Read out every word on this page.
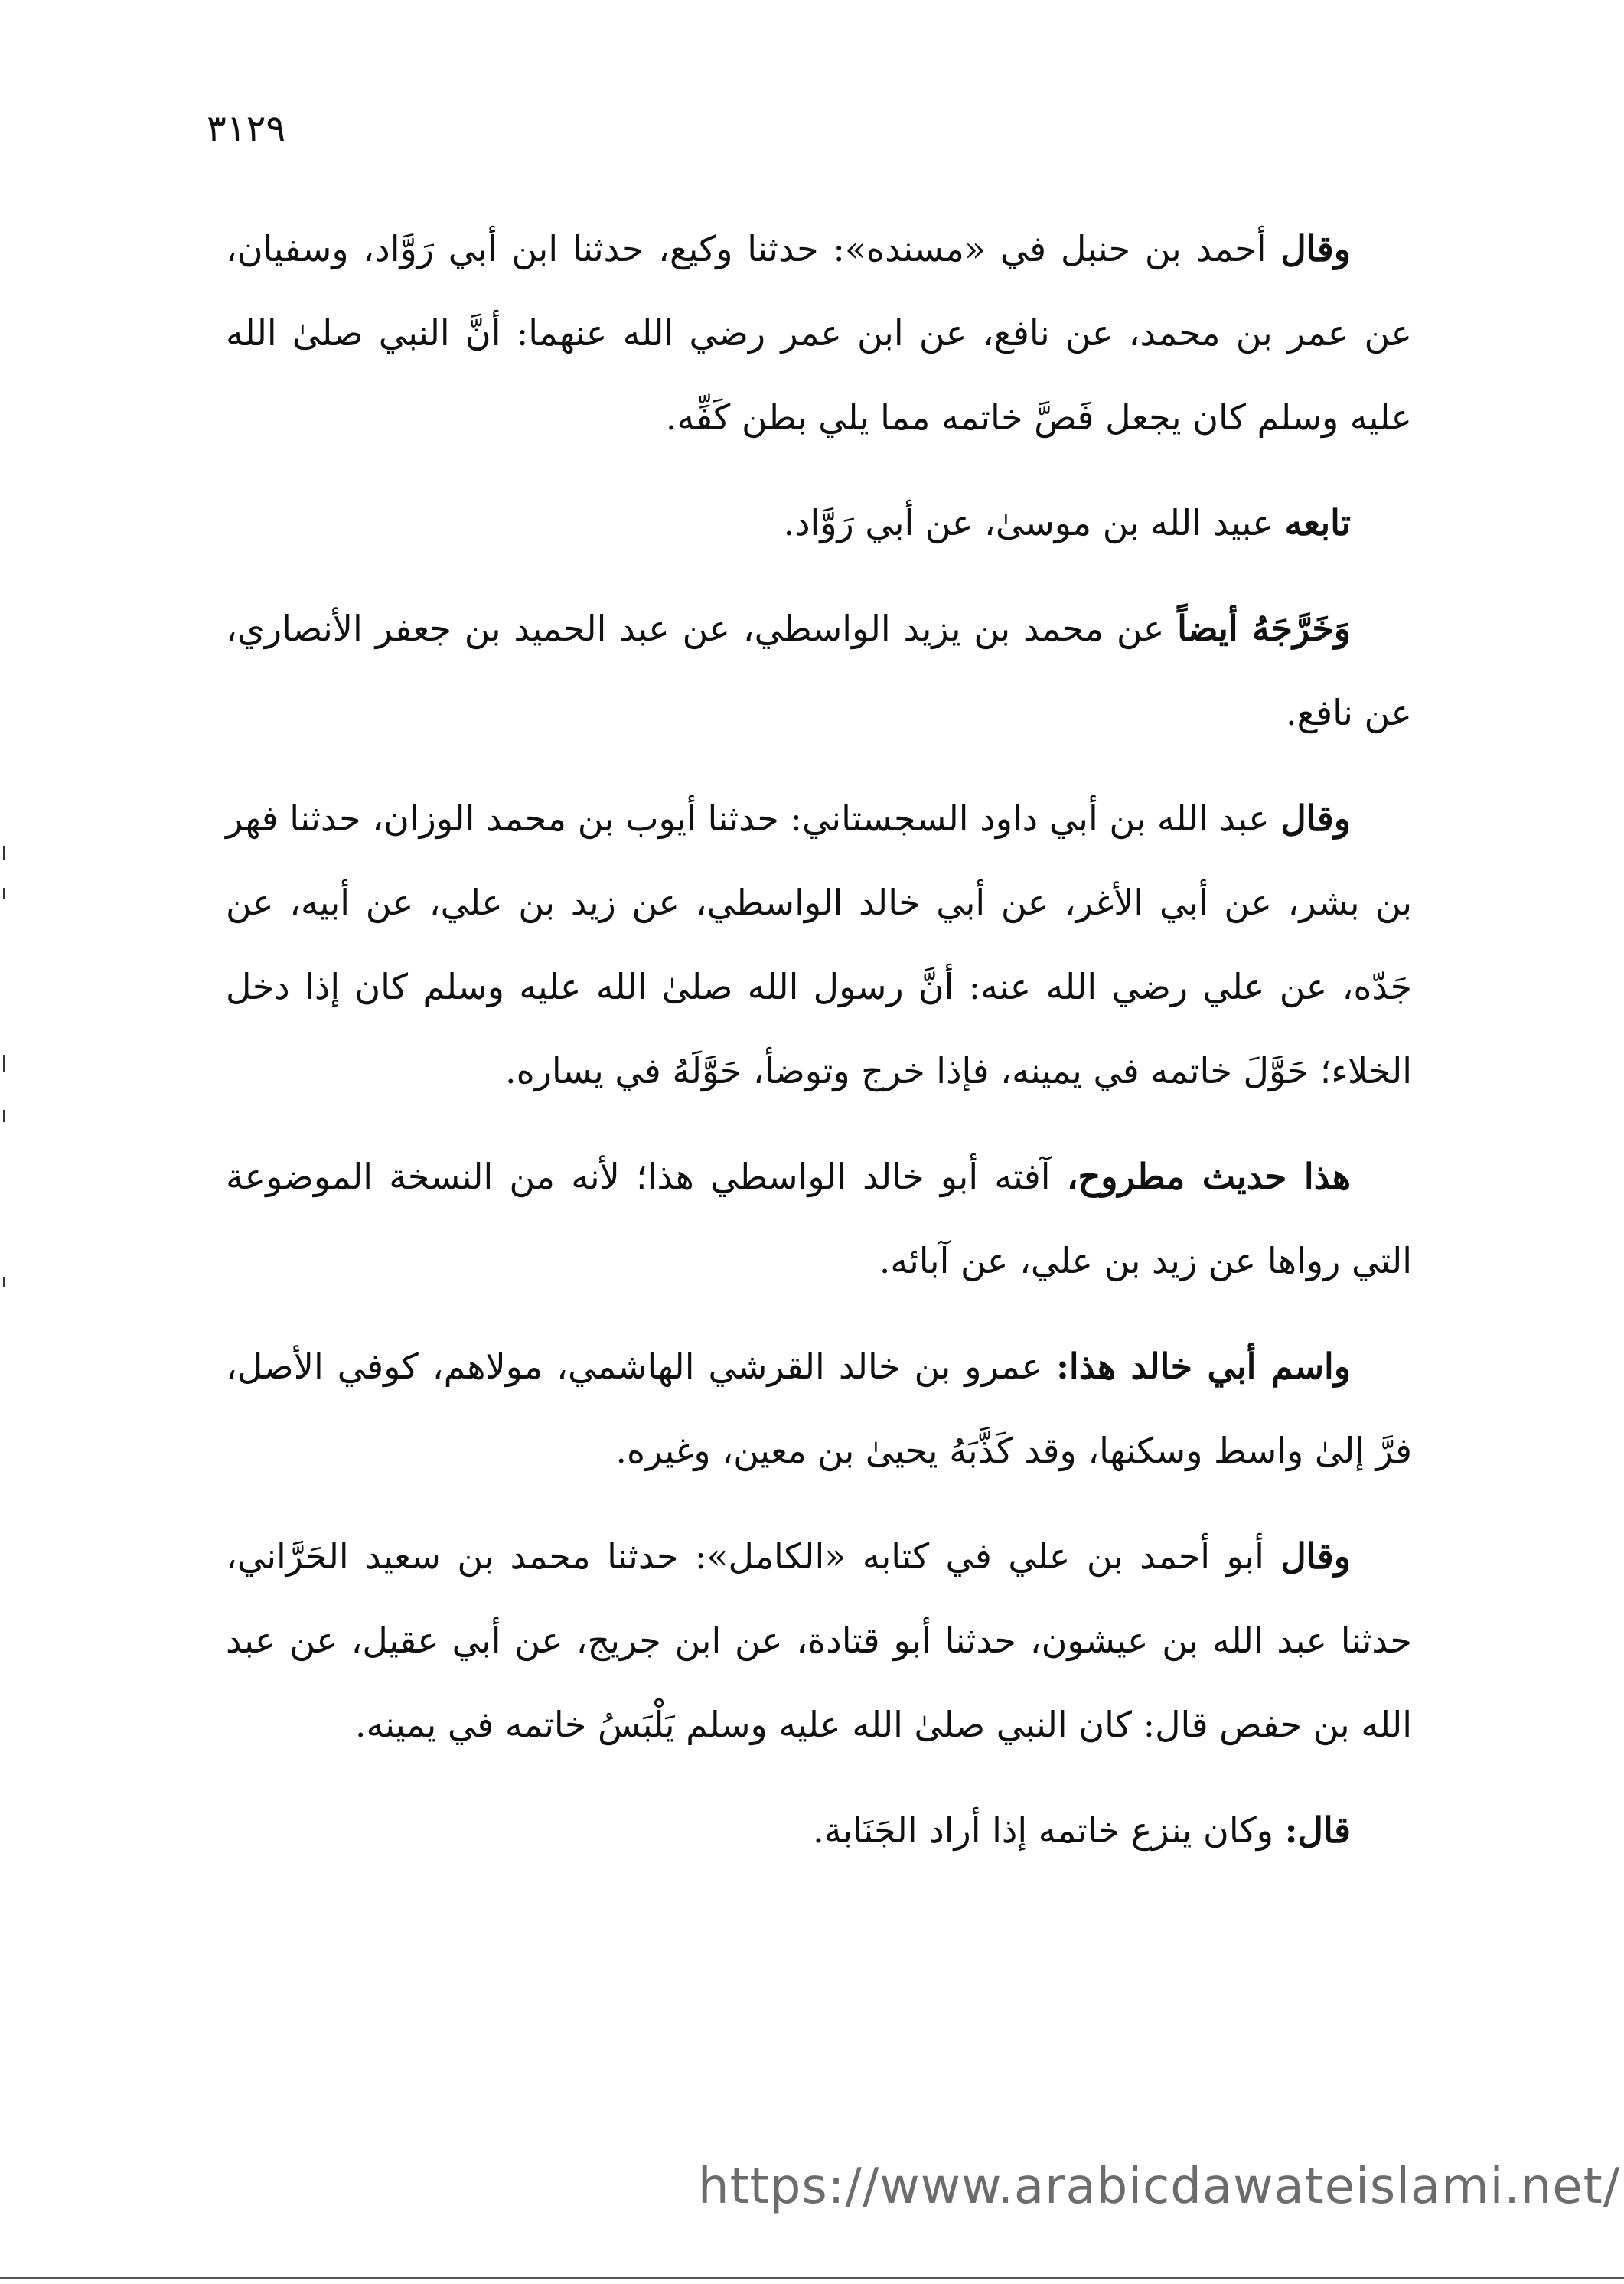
٣١٢٩

وقال أحمد بن حنبل في «مسنده»: حدثنا وكيع، حدثنا ابن أبي رَوَّاد، وسفيان، عن عمر بن محمد، عن نافع، عن ابن عمر رضي الله عنهما: أنَّ النبي صلىٰ الله عليه وسلم كان يجعل فَصَّ خاتمه مما يلي بطن كَفِّه.

تابعه عبيد الله بن موسىٰ، عن أبي رَوَّاد.

وَخَرَّجَهُ أيضاً عن محمد بن يزيد الواسطي، عن عبد الحميد بن جعفر الأنصاري، عن نافع.

وقال عبد الله بن أبي داود السجستاني: حدثنا أيوب بن محمد الوزان، حدثنا فهر بن بشر، عن أبي الأغر، عن أبي خالد الواسطي، عن زيد بن علي، عن أبيه، عن جَدّه، عن علي رضي الله عنه: أنَّ رسول الله صلىٰ الله عليه وسلم كان إذا دخل الخلاء؛ حَوَّلَ خاتمه في يمينه، فإذا خرج وتوضأ، حَوَّلَهُ في يساره.

هذا حديث مطروح، آفته أبو خالد الواسطي هذا؛ لأنه من النسخة الموضوعة التي رواها عن زيد بن علي، عن آبائه.

واسم أبي خالد هذا: عمرو بن خالد القرشي الهاشمي، مولاهم، كوفي الأصل، فرَّ إلىٰ واسط وسكنها، وقد كَذَّبَهُ يحيىٰ بن معين، وغيره.

وقال أبو أحمد بن علي في كتابه «الكامل»: حدثنا محمد بن سعيد الحَرَّاني، حدثنا عبد الله بن عيشون، حدثنا أبو قتادة، عن ابن جريج، عن أبي عقيل، عن عبد الله بن حفص قال: كان النبي صلىٰ الله عليه وسلم يَلْبَسُ خاتمه في يمينه.

قال: وكان ينزع خاتمه إذا أراد الجَنَابة.

https://www.arabicdawateislami.net/
